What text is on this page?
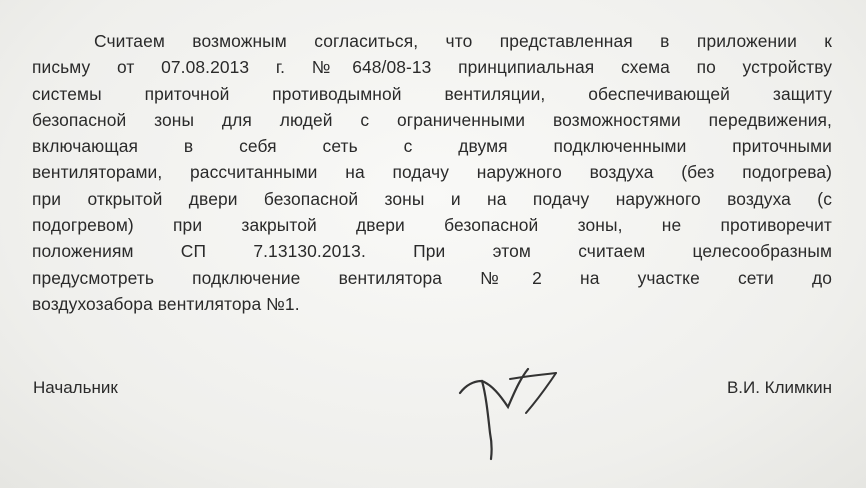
Считаем возможным согласиться, что представленная в приложении к
письму от 07.08.2013 г. №648/08-13 принципиальная схема по устройству
системы приточной противодымной вентиляции, обеспечивающей защиту
безопасной зоны для людей с ограниченными возможностями передвижения,
включающая в себя сеть с двумя подключенными приточными
вентиляторами, рассчитанными на подачу наружного воздуха (без подогрева)
при открытой двери безопасной зоны и на подачу наружного воздуха (с
подогревом) при закрытой двери безопасной зоны, не противоречит
положениям СП 7.13130.2013. При этом считаем целесообразным
предусмотреть подключение вентилятора №2 на участке сети до
воздухозабора вентилятора №1.
Начальник	В.И. Климкин
